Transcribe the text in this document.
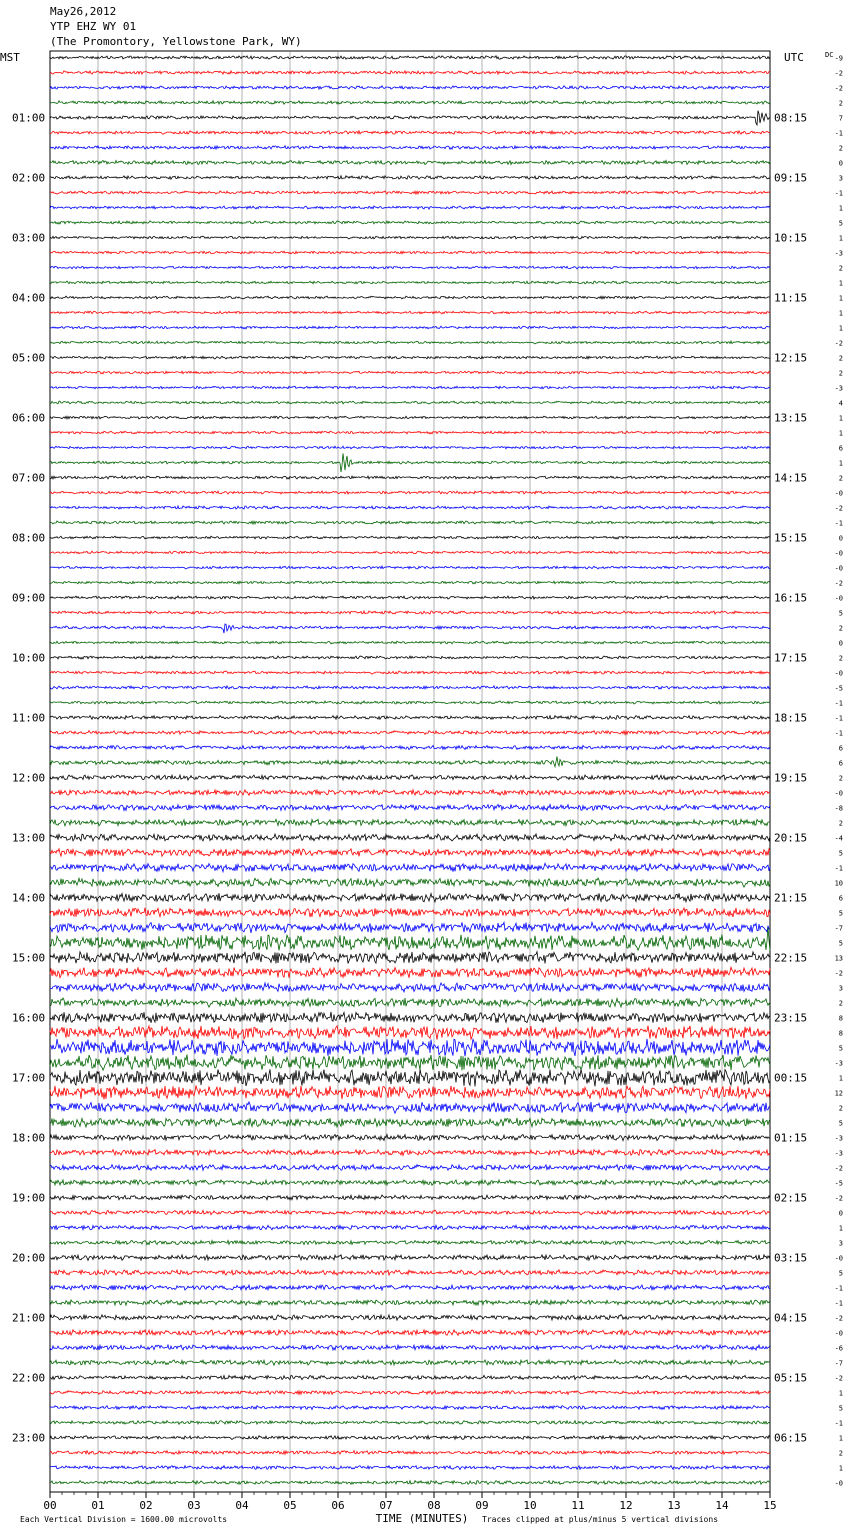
MST	UTC	DC
01:00
02:00
03:00
04:00
05:00
06:00
07:00
08:00
09:00
10:00
11:00
12:00
13:00
14:00
15:00
16:00
17:00
18:00
19:00
20:00
21:00
22:00
23:00
08:15
09:15
10:15
11:15
12:15
13:15
14:15
15:15
16:15
17:15
18:15
19:15
20:15
21:15
22:15
23:15
00:15
01:15
02:15
03:15
04:15
05:15
06:15
-9
-2
-2
2
7
-1
2
0
3
-1
1
5
1
-3
2
1
1
1
1
-2
2
2
-3
4
1
1
6
1
2
-0
-2
-1
0
-0
-0
-2
-0
5
2
0
2
-0
-5
-1
-1
-1
6
6
2
-0
-8
2
-4
5
-1
10
6
5
-7
5
13
-2
3
2
8
8
5
-3
1
12
2
5
-3
-3
-2
-5
-2
0
1
3
-0
5
-1
-1
-2
-0
-6
-7
-2
1
5
-1
1
2
1
-0
00	01	02	03	04	05	06	07	08	09	10	11	12	13	14	15
TIME (MINUTES)
May26,2012
YTP EHZ WY 01
(The Promontory, Yellowstone Park, WY)
Each Vertical Division = 1600.00 microvolts	Traces clipped at plus/minus 5 vertical divisions
